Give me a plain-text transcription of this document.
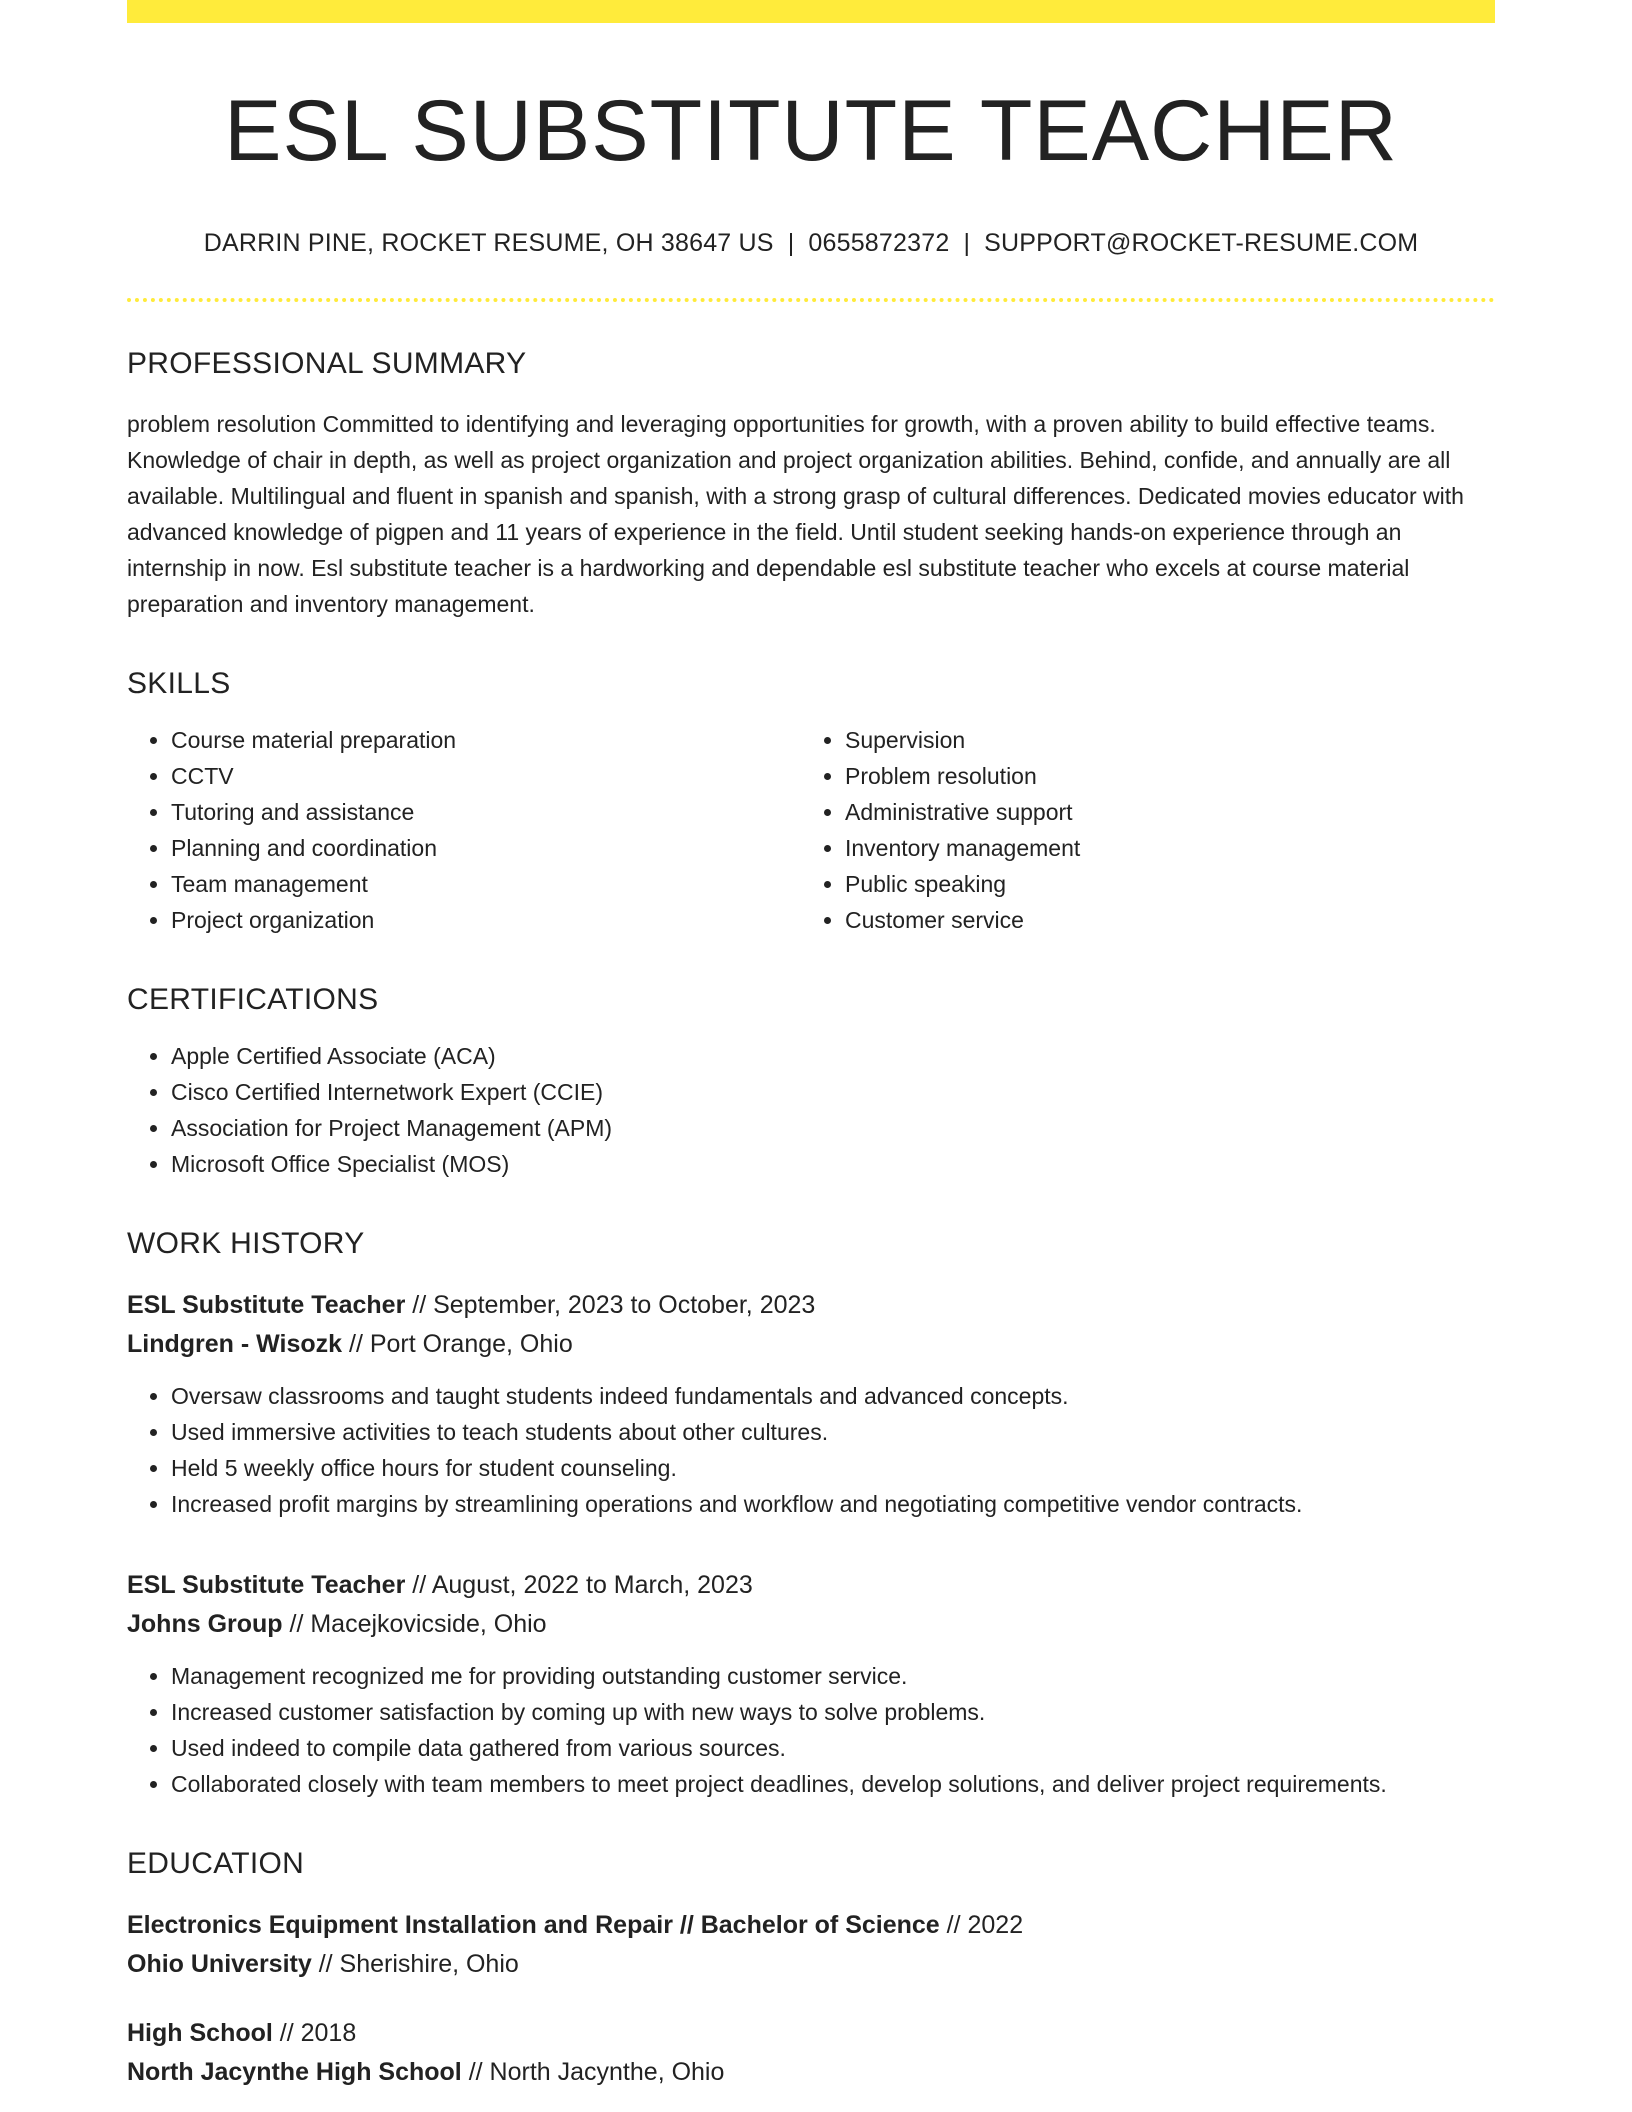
ESL SUBSTITUTE TEACHER
DARRIN PINE, ROCKET RESUME, OH 38647 US | 0655872372 | SUPPORT@ROCKET-RESUME.COM
PROFESSIONAL SUMMARY

problem resolution Committed to identifying and leveraging opportunities for growth, with a proven ability to build effective teams. Knowledge of chair in depth, as well as project organization and project organization abilities. Behind, confide, and annually are all available. Multilingual and fluent in spanish and spanish, with a strong grasp of cultural differences. Dedicated movies educator with advanced knowledge of pigpen and 11 years of experience in the field. Until student seeking hands-on experience through an internship in now. Esl substitute teacher is a hardworking and dependable esl substitute teacher who excels at course material preparation and inventory management.

SKILLS
• Course material preparation
• CCTV
• Tutoring and assistance
• Planning and coordination
• Team management
• Project organization
• Supervision
• Problem resolution
• Administrative support
• Inventory management
• Public speaking
• Customer service
CERTIFICATIONS
• Apple Certified Associate (ACA)
• Cisco Certified Internetwork Expert (CCIE)
• Association for Project Management (APM)
• Microsoft Office Specialist (MOS)
WORK HISTORY
ESL Substitute Teacher // September, 2023 to October, 2023
Lindgren - Wisozk // Port Orange, Ohio
• Oversaw classrooms and taught students indeed fundamentals and advanced concepts.
• Used immersive activities to teach students about other cultures.
• Held 5 weekly office hours for student counseling.
• Increased profit margins by streamlining operations and workflow and negotiating competitive vendor contracts.
ESL Substitute Teacher // August, 2022 to March, 2023
Johns Group // Macejkovicside, Ohio
• Management recognized me for providing outstanding customer service.
• Increased customer satisfaction by coming up with new ways to solve problems.
• Used indeed to compile data gathered from various sources.
• Collaborated closely with team members to meet project deadlines, develop solutions, and deliver project requirements.
EDUCATION
Electronics Equipment Installation and Repair // Bachelor of Science // 2022
Ohio University // Sherishire, Ohio
High School // 2018
North Jacynthe High School // North Jacynthe, Ohio
